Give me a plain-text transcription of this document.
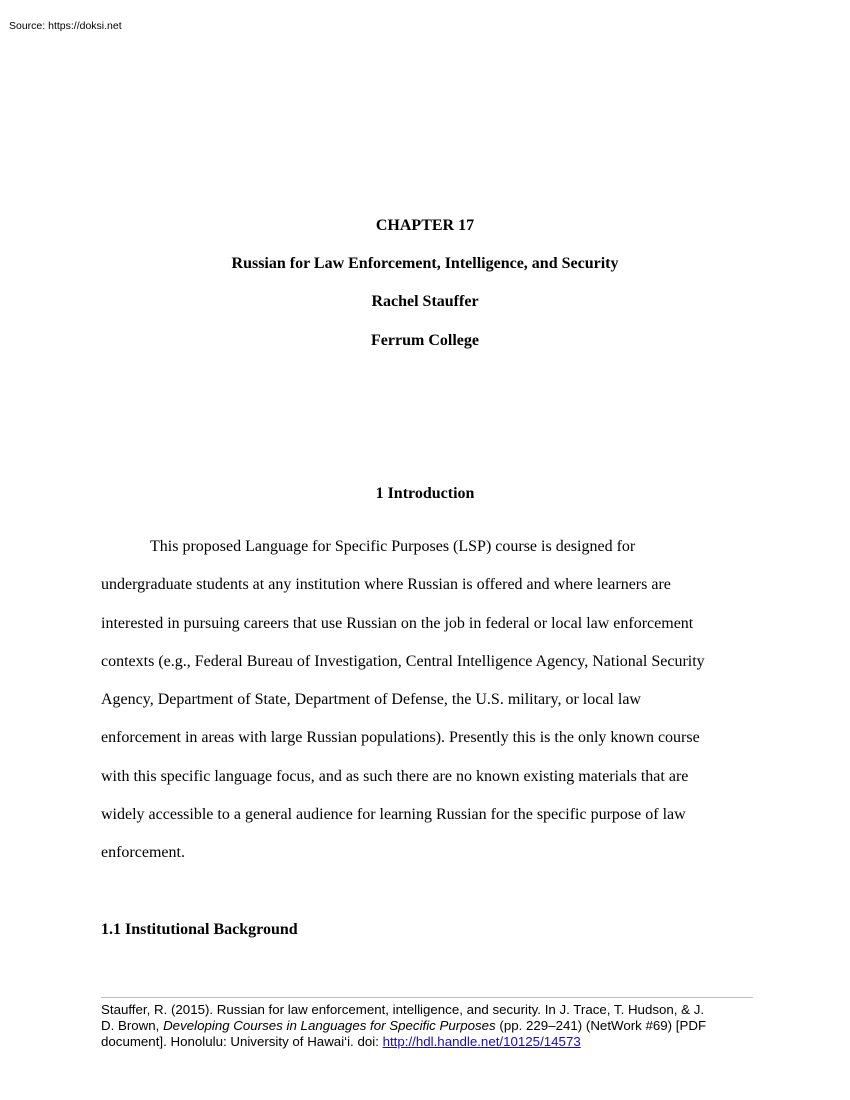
Source: https://doksi.net

CHAPTER 17

Russian for Law Enforcement, Intelligence, and Security

Rachel Stauffer

Ferrum College

1 Introduction

This proposed Language for Specific Purposes (LSP) course is designed for
undergraduate students at any institution where Russian is offered and where learners are
interested in pursuing careers that use Russian on the job in federal or local law enforcement
contexts (e.g., Federal Bureau of Investigation, Central Intelligence Agency, National Security
Agency, Department of State, Department of Defense, the U.S. military, or local law
enforcement in areas with large Russian populations). Presently this is the only known course
with this specific language focus, and as such there are no known existing materials that are
widely accessible to a general audience for learning Russian for the specific purpose of law
enforcement.

1.1 Institutional Background

Stauffer, R. (2015). Russian for law enforcement, intelligence, and security. In J. Trace, T. Hudson, & J.
D. Brown, Developing Courses in Languages for Specific Purposes (pp. 229–241) (NetWork #69) [PDF
document]. Honolulu: University of Hawai‘i. doi: http://hdl.handle.net/10125/14573
